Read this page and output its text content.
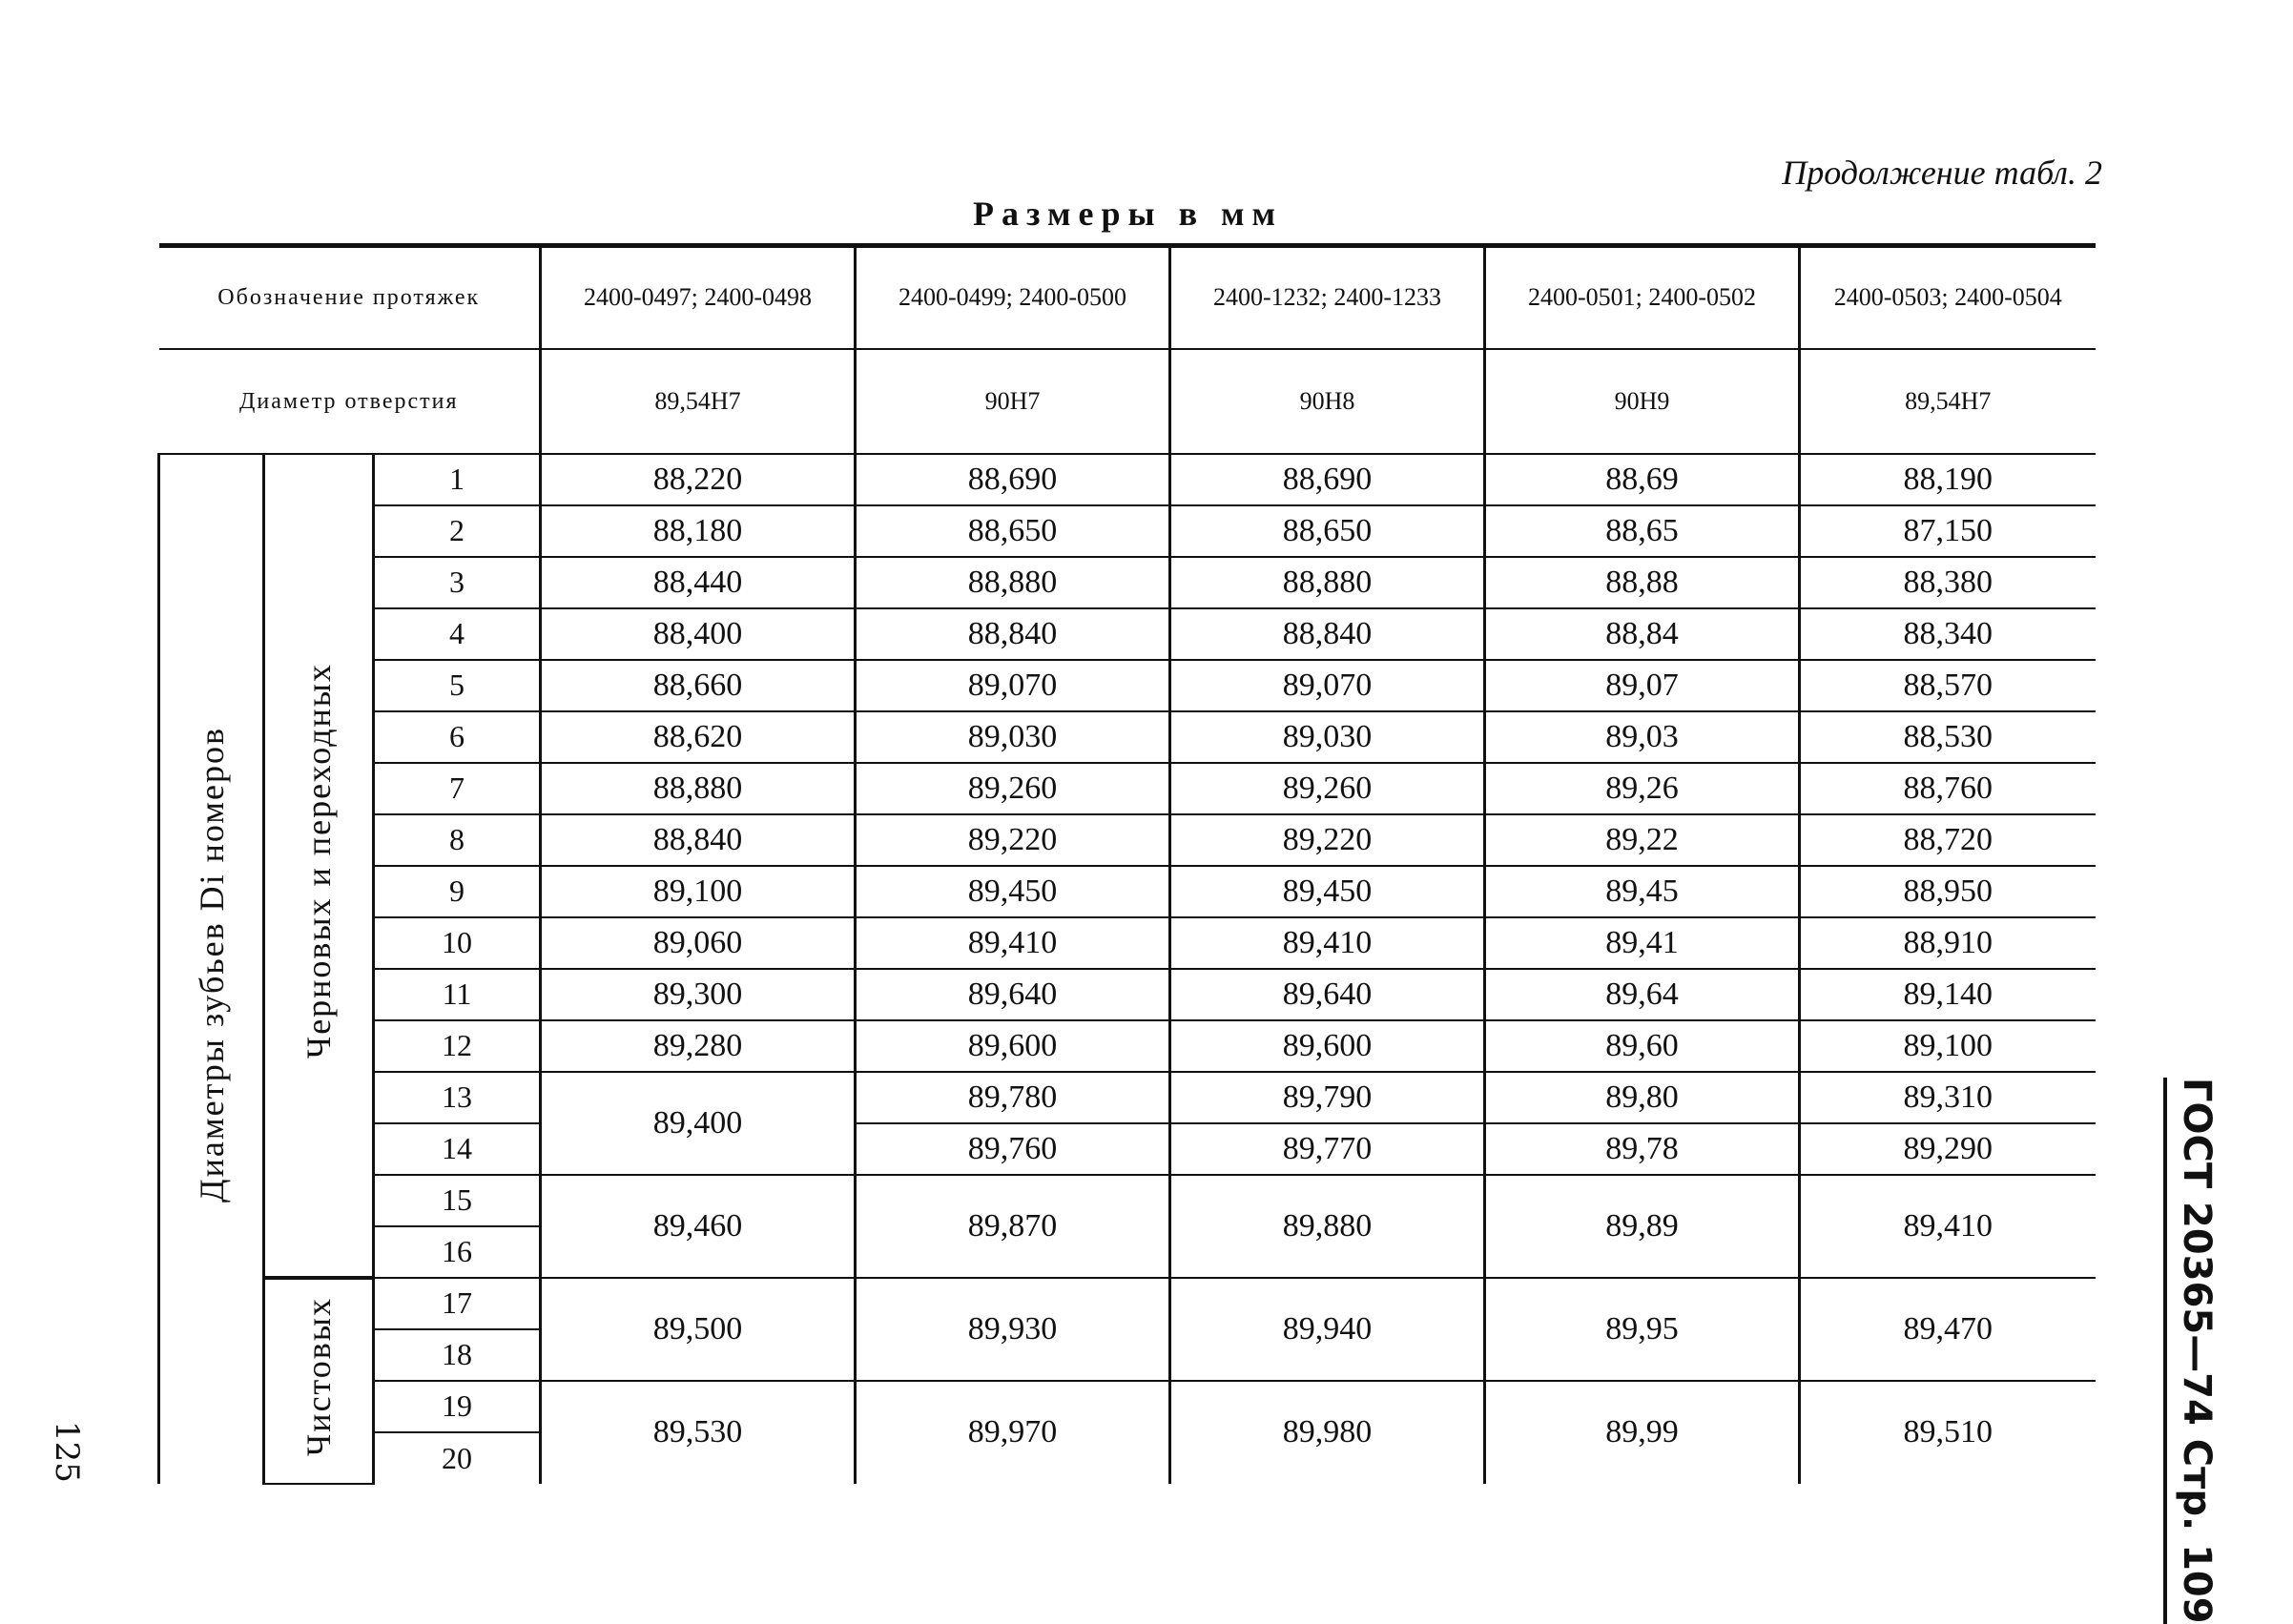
Продолжение табл. 2
Размеры в мм
Обозначение протяжек			2400-0497; 2400-0498	2400-0499; 2400-0500	2400-1232; 2400-1233	2400-0501; 2400-0502	2400-0503; 2400-0504
Диаметр отверстия			89,54H7	90H7	90H8	90H9	89,54H7
Диаметры зубьев Di номеров	Черновых и переходных	1	88,220	88,690	88,690	88,69	88,190
		2	88,180	88,650	88,650	88,65	87,150
		3	88,440	88,880	88,880	88,88	88,380
		4	88,400	88,840	88,840	88,84	88,340
		5	88,660	89,070	89,070	89,07	88,570
		6	88,620	89,030	89,030	89,03	88,530
		7	88,880	89,260	89,260	89,26	88,760
		8	88,840	89,220	89,220	89,22	88,720
		9	89,100	89,450	89,450	89,45	88,950
		10	89,060	89,410	89,410	89,41	88,910
		11	89,300	89,640	89,640	89,64	89,140
		12	89,280	89,600	89,600	89,60	89,100
		13	89,400	89,780	89,790	89,80	89,310
		14		89,760	89,770	89,78	89,290
		15	89,460	89,870	89,880	89,89	89,410
		16					
	Чистовых	17	89,500	89,930	89,940	89,95	89,470
		18					
		19	89,530	89,970	89,980	89,99	89,510
		20					
125	ГОСТ 20365—74 Стр. 109
